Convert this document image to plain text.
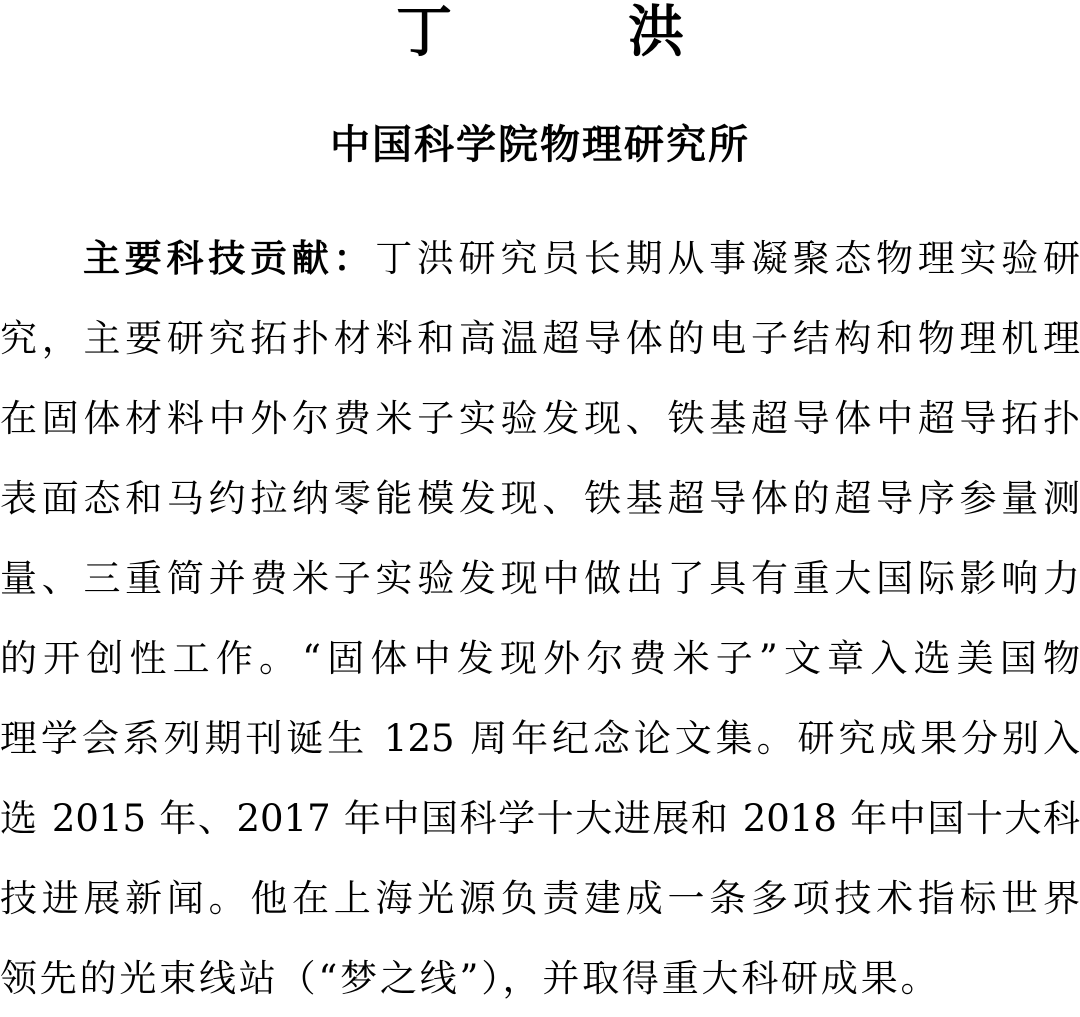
丁　洪
中国科学院物理研究所
主要科技贡献：丁洪研究员长期从事凝聚态物理实验研
究，主要研究拓扑材料和高温超导体的电子结构和物理机理
在固体材料中外尔费米子实验发现、铁基超导体中超导拓扑
表面态和马约拉纳零能模发现、铁基超导体的超导序参量测
量、三重简并费米子实验发现中做出了具有重大国际影响力
的开创性工作。“固体中发现外尔费米子”文章入选美国物
理学会系列期刊诞生 125 周年纪念论文集。研究成果分别入
选 2015 年、2017 年中国科学十大进展和 2018 年中国十大科
技进展新闻。他在上海光源负责建成一条多项技术指标世界
领先的光束线站（“梦之线”），并取得重大科研成果。
